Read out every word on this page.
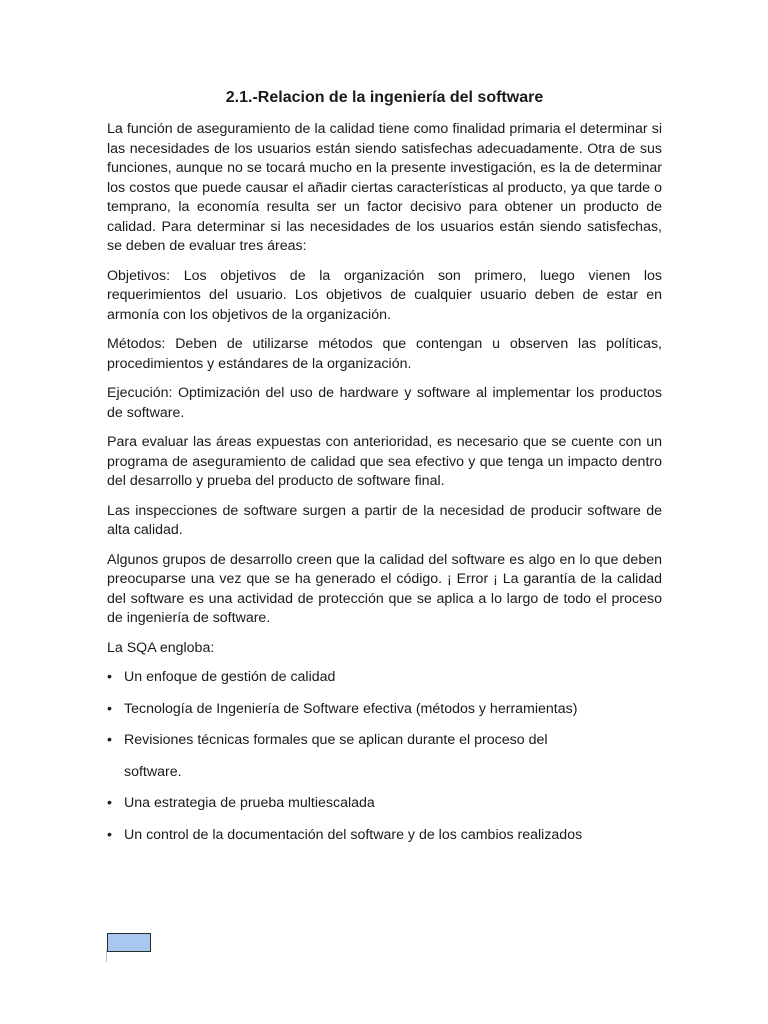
2.1.-Relacion de la ingeniería del software

La función de aseguramiento de la calidad tiene como finalidad primaria el determinar si las necesidades de los usuarios están siendo satisfechas adecuadamente. Otra de sus funciones, aunque no se tocará mucho en la presente investigación, es la de determinar los costos que puede causar el añadir ciertas características al producto, ya que tarde o temprano, la economía resulta ser un factor decisivo para obtener un producto de calidad. Para determinar si las necesidades de los usuarios están siendo satisfechas, se deben de evaluar tres áreas:

Objetivos: Los objetivos de la organización son primero, luego vienen los requerimientos del usuario. Los objetivos de cualquier usuario deben de estar en armonía con los objetivos de la organización.

Métodos: Deben de utilizarse métodos que contengan u observen las políticas, procedimientos y estándares de la organización.

Ejecución: Optimización del uso de hardware y software al implementar los productos de software.

Para evaluar las áreas expuestas con anterioridad, es necesario que se cuente con un programa de aseguramiento de calidad que sea efectivo y que tenga un impacto dentro del desarrollo y prueba del producto de software final.

Las inspecciones de software surgen a partir de la necesidad de producir software de alta calidad.

Algunos grupos de desarrollo creen que la calidad del software es algo en lo que deben preocuparse una vez que se ha generado el código. ¡ Error ¡ La garantía de la calidad del software es una actividad de protección que se aplica a lo largo de todo el proceso de ingeniería de software.

La SQA engloba:

• Un enfoque de gestión de calidad
• Tecnología de Ingeniería de Software efectiva (métodos y herramientas)
• Revisiones técnicas formales que se aplican durante el proceso del
software.
• Una estrategia de prueba multiescalada
• Un control de la documentación del software y de los cambios realizados
